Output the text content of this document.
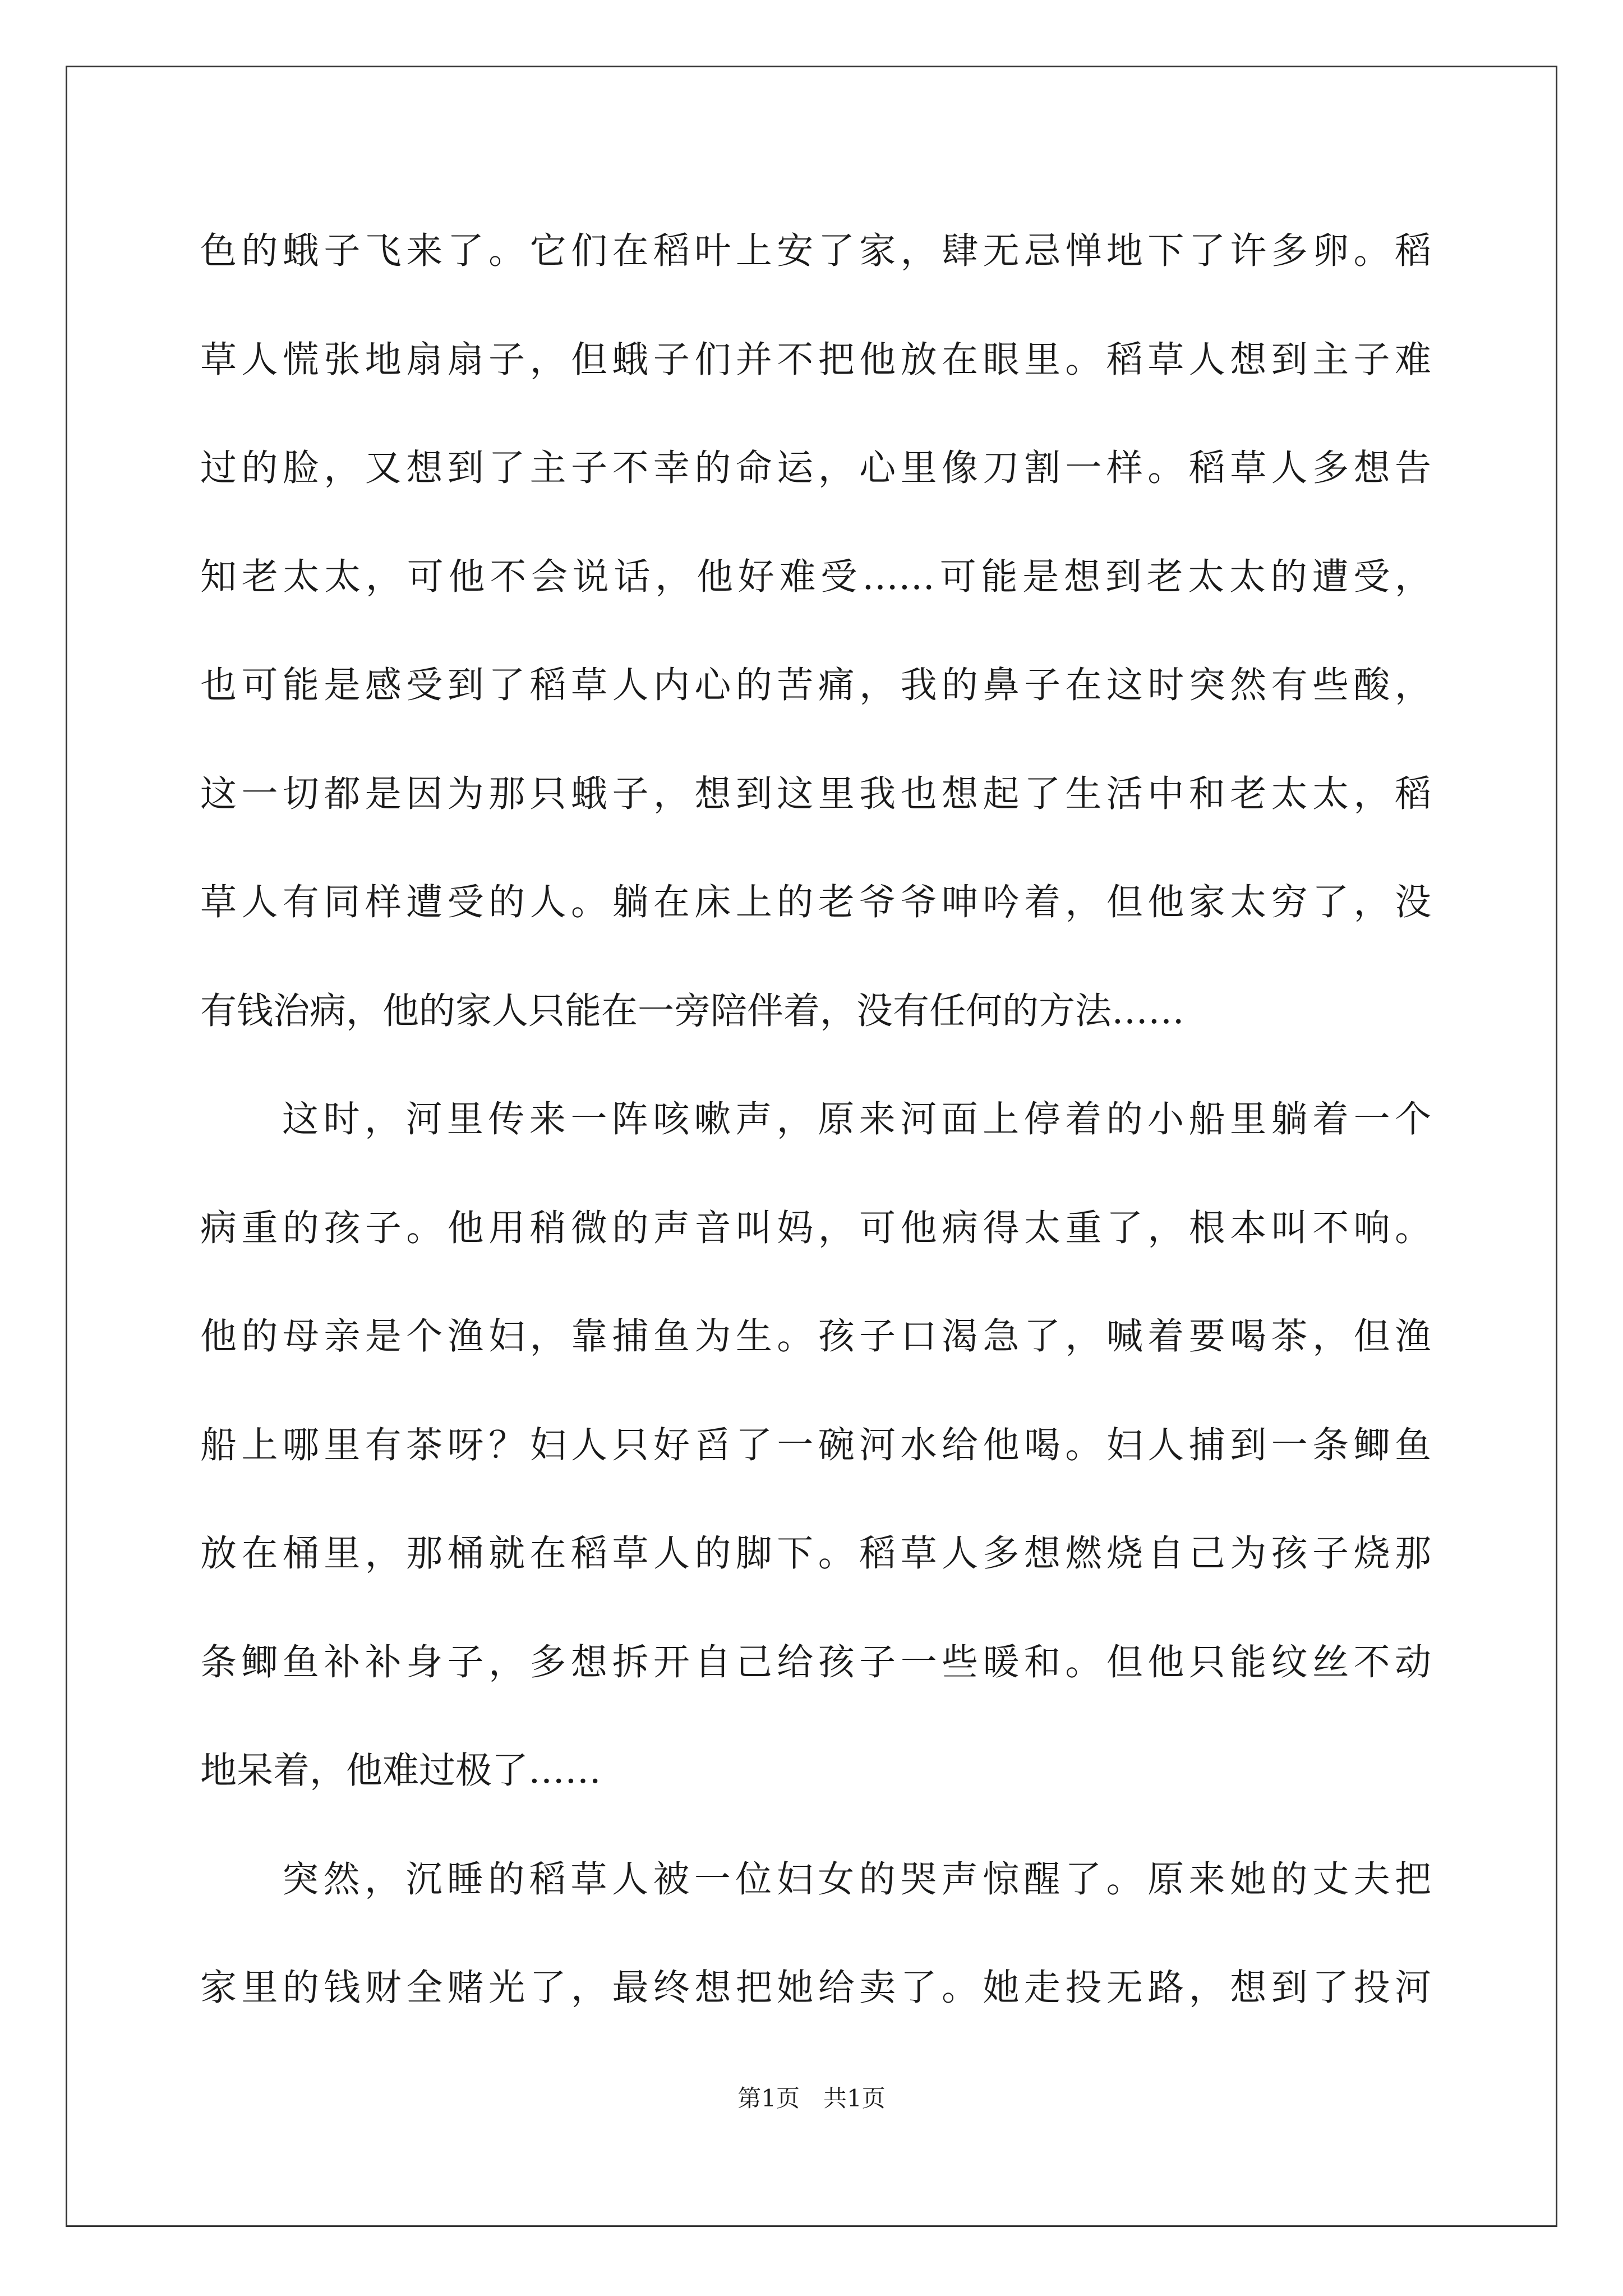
色的蛾子飞来了。它们在稻叶上安了家，肆无忌惮地下了许多卵。稻
草人慌张地扇扇子，但蛾子们并不把他放在眼里。稻草人想到主子难
过的脸，又想到了主子不幸的命运，心里像刀割一样。稻草人多想告
知老太太，可他不会说话，他好难受……可能是想到老太太的遭受，
也可能是感受到了稻草人内心的苦痛，我的鼻子在这时突然有些酸，
这一切都是因为那只蛾子，想到这里我也想起了生活中和老太太，稻
草人有同样遭受的人。躺在床上的老爷爷呻吟着，但他家太穷了，没
有钱治病，他的家人只能在一旁陪伴着，没有任何的方法……
这时，河里传来一阵咳嗽声，原来河面上停着的小船里躺着一个
病重的孩子。他用稍微的声音叫妈，可他病得太重了，根本叫不响。
他的母亲是个渔妇，靠捕鱼为生。孩子口渴急了，喊着要喝茶，但渔
船上哪里有茶呀？妇人只好舀了一碗河水给他喝。妇人捕到一条鲫鱼
放在桶里，那桶就在稻草人的脚下。稻草人多想燃烧自己为孩子烧那
条鲫鱼补补身子，多想拆开自己给孩子一些暖和。但他只能纹丝不动
地呆着，他难过极了……
突然，沉睡的稻草人被一位妇女的哭声惊醒了。原来她的丈夫把
家里的钱财全赌光了，最终想把她给卖了。她走投无路，想到了投河
第1页　共1页
